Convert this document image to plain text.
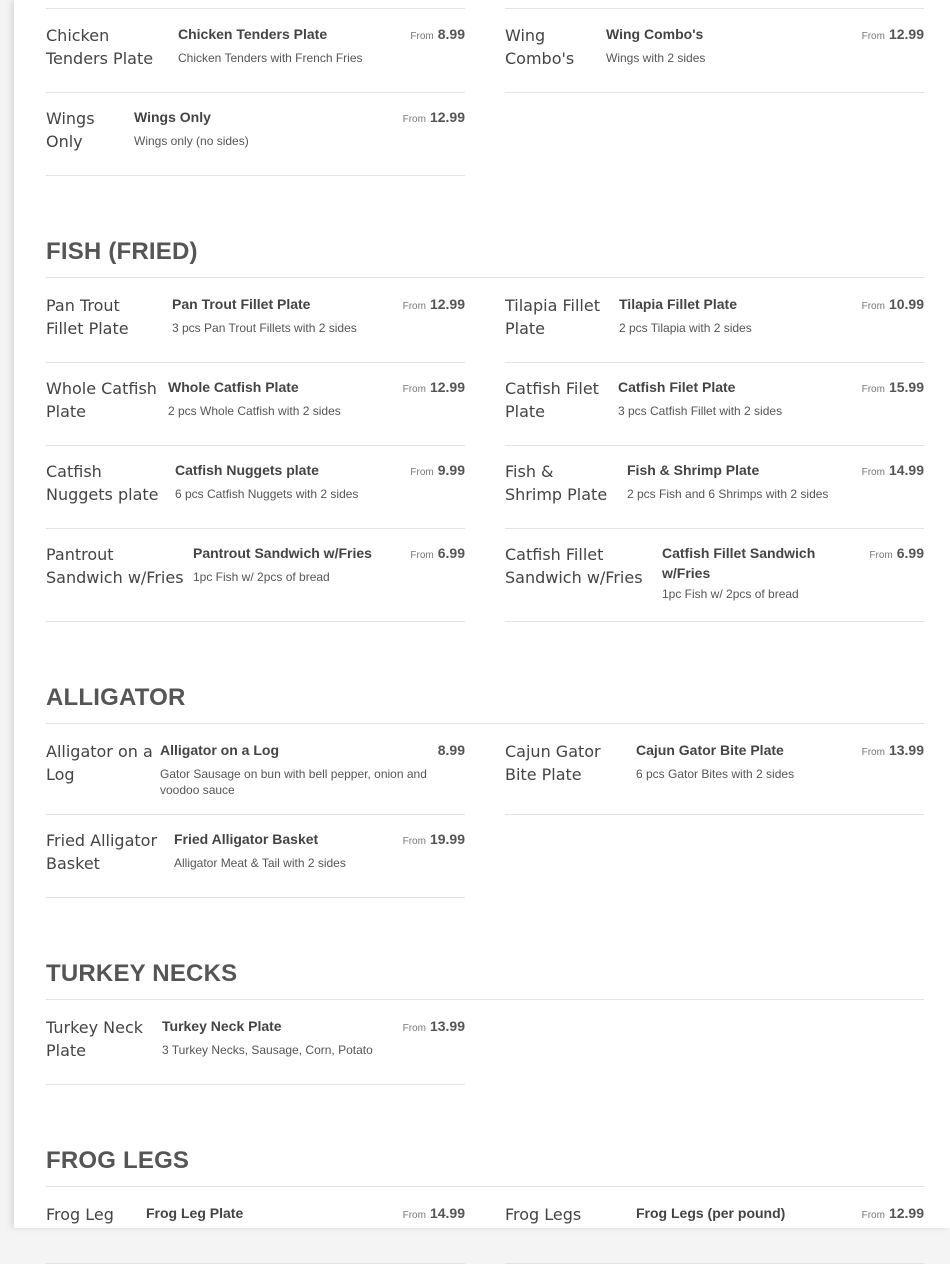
Chicken Tenders Plate
Chicken Tenders Plate
Chicken Tenders with French Fries
From 8.99	Wing Combo's
Wing Combo's
Wings with 2 sides
From 12.99
Wings Only
Wings Only
Wings only (no sides)
From 12.99
FISH (FRIED)
Pan Trout Fillet Plate
Pan Trout Fillet Plate
3 pcs Pan Trout Fillets with 2 sides
From 12.99	Tilapia Fillet Plate
Tilapia Fillet Plate
2 pcs Tilapia with 2 sides
From 10.99
Whole Catfish Plate
Whole Catfish Plate
2 pcs Whole Catfish with 2 sides
From 12.99	Catfish Filet Plate
Catfish Filet Plate
3 pcs Catfish Fillet with 2 sides
From 15.99
Catfish Nuggets plate
Catfish Nuggets plate
6 pcs Catfish Nuggets with 2 sides
From 9.99	Fish & Shrimp Plate
Fish & Shrimp Plate
2 pcs Fish and 6 Shrimps with 2 sides
From 14.99
Pantrout Sandwich w/Fries
Pantrout Sandwich w/Fries
1pc Fish w/ 2pcs of bread
From 6.99	Catfish Fillet Sandwich w/Fries
Catfish Fillet Sandwich w/Fries
1pc Fish w/ 2pcs of bread
From 6.99
ALLIGATOR
Alligator on a Log
Alligator on a Log
Gator Sausage on bun with bell pepper, onion and voodoo sauce
8.99	Cajun Gator Bite Plate
Cajun Gator Bite Plate
6 pcs Gator Bites with 2 sides
From 13.99
Fried Alligator Basket
Fried Alligator Basket
Alligator Meat & Tail with 2 sides
From 19.99
TURKEY NECKS
Turkey Neck Plate
Turkey Neck Plate
3 Turkey Necks, Sausage, Corn, Potato
From 13.99
FROG LEGS
Frog Leg	Frog Leg Plate	From 14.99	Frog Legs	Frog Legs (per pound)	From 12.99
